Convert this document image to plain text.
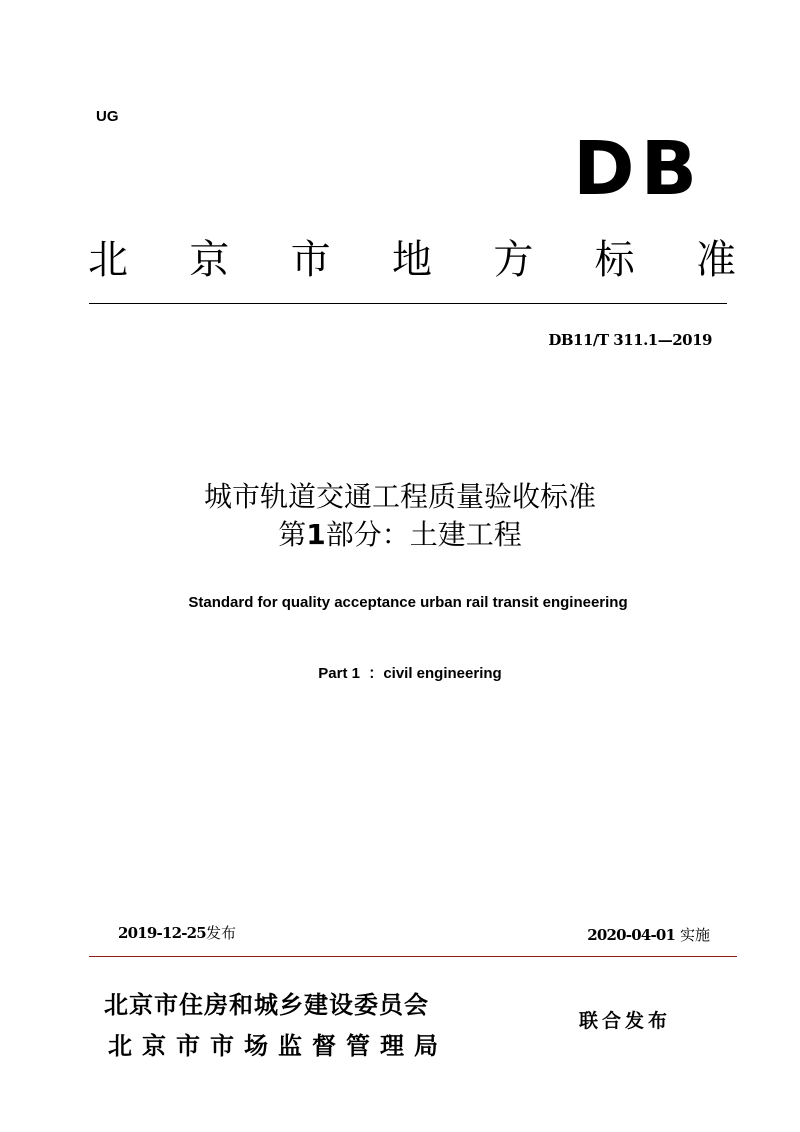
UG
DB
北 京 市 地 方 标 准
DB11/T 311.1—2019
城市轨道交通工程质量验收标准
第1部分：土建工程
Standard for quality acceptance urban rail transit engineering
Part 1  ：civil engineering
2019-12-25发布	2020-04-01 实施
北京市住房和城乡建设委员会
北京市市场监督管理局
联合发布
